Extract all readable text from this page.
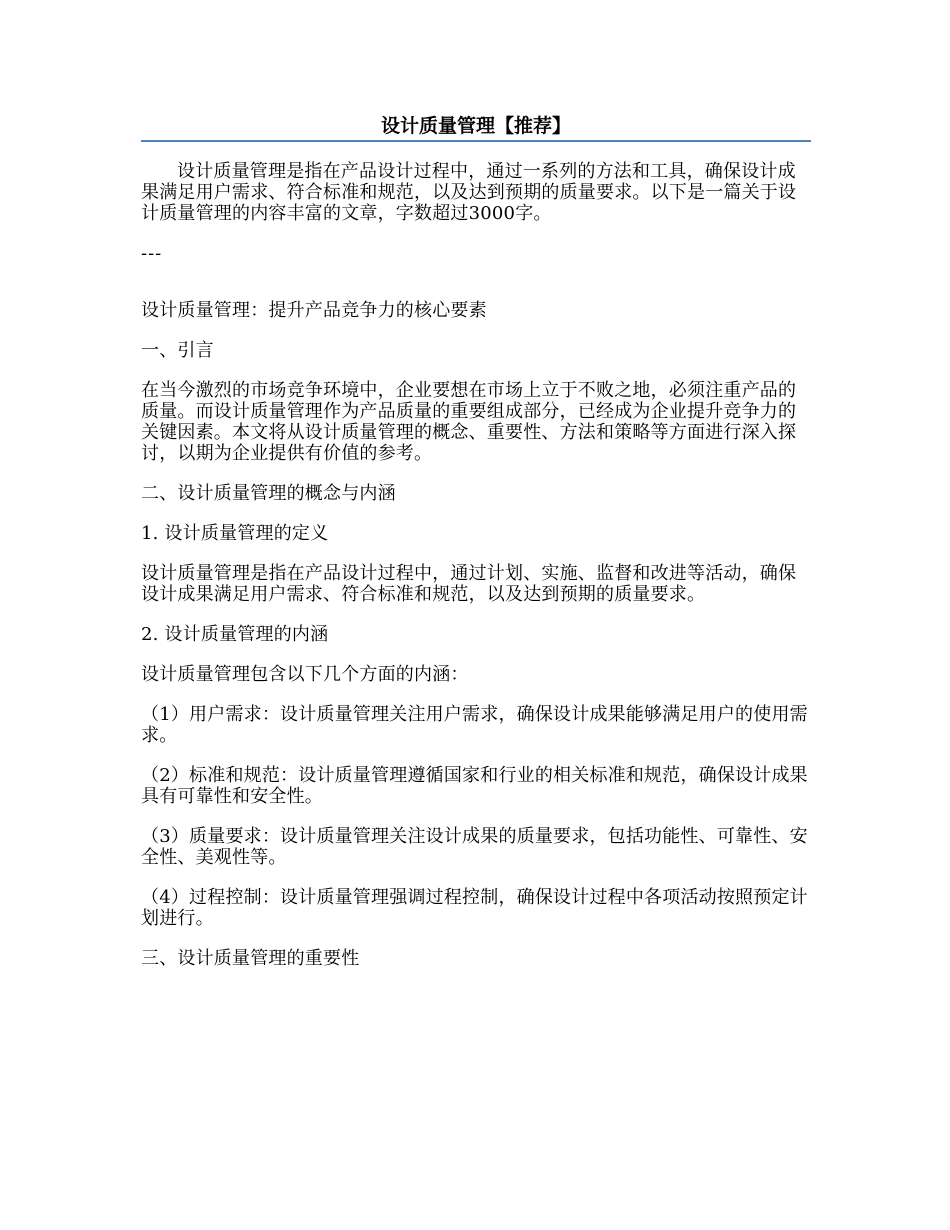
设计质量管理【推荐】

设计质量管理是指在产品设计过程中，通过一系列的方法和工具，确保设计成果满足用户需求、符合标准和规范，以及达到预期的质量要求。以下是一篇关于设计质量管理的内容丰富的文章，字数超过3000字。

---

设计质量管理：提升产品竞争力的核心要素

一、引言

在当今激烈的市场竞争环境中，企业要想在市场上立于不败之地，必须注重产品的质量。而设计质量管理作为产品质量的重要组成部分，已经成为企业提升竞争力的关键因素。本文将从设计质量管理的概念、重要性、方法和策略等方面进行深入探讨，以期为企业提供有价值的参考。

二、设计质量管理的概念与内涵

1. 设计质量管理的定义

设计质量管理是指在产品设计过程中，通过计划、实施、监督和改进等活动，确保设计成果满足用户需求、符合标准和规范，以及达到预期的质量要求。

2. 设计质量管理的内涵

设计质量管理包含以下几个方面的内涵：

（1）用户需求：设计质量管理关注用户需求，确保设计成果能够满足用户的使用需求。

（2）标准和规范：设计质量管理遵循国家和行业的相关标准和规范，确保设计成果具有可靠性和安全性。

（3）质量要求：设计质量管理关注设计成果的质量要求，包括功能性、可靠性、安全性、美观性等。

（4）过程控制：设计质量管理强调过程控制，确保设计过程中各项活动按照预定计划进行。

三、设计质量管理的重要性
